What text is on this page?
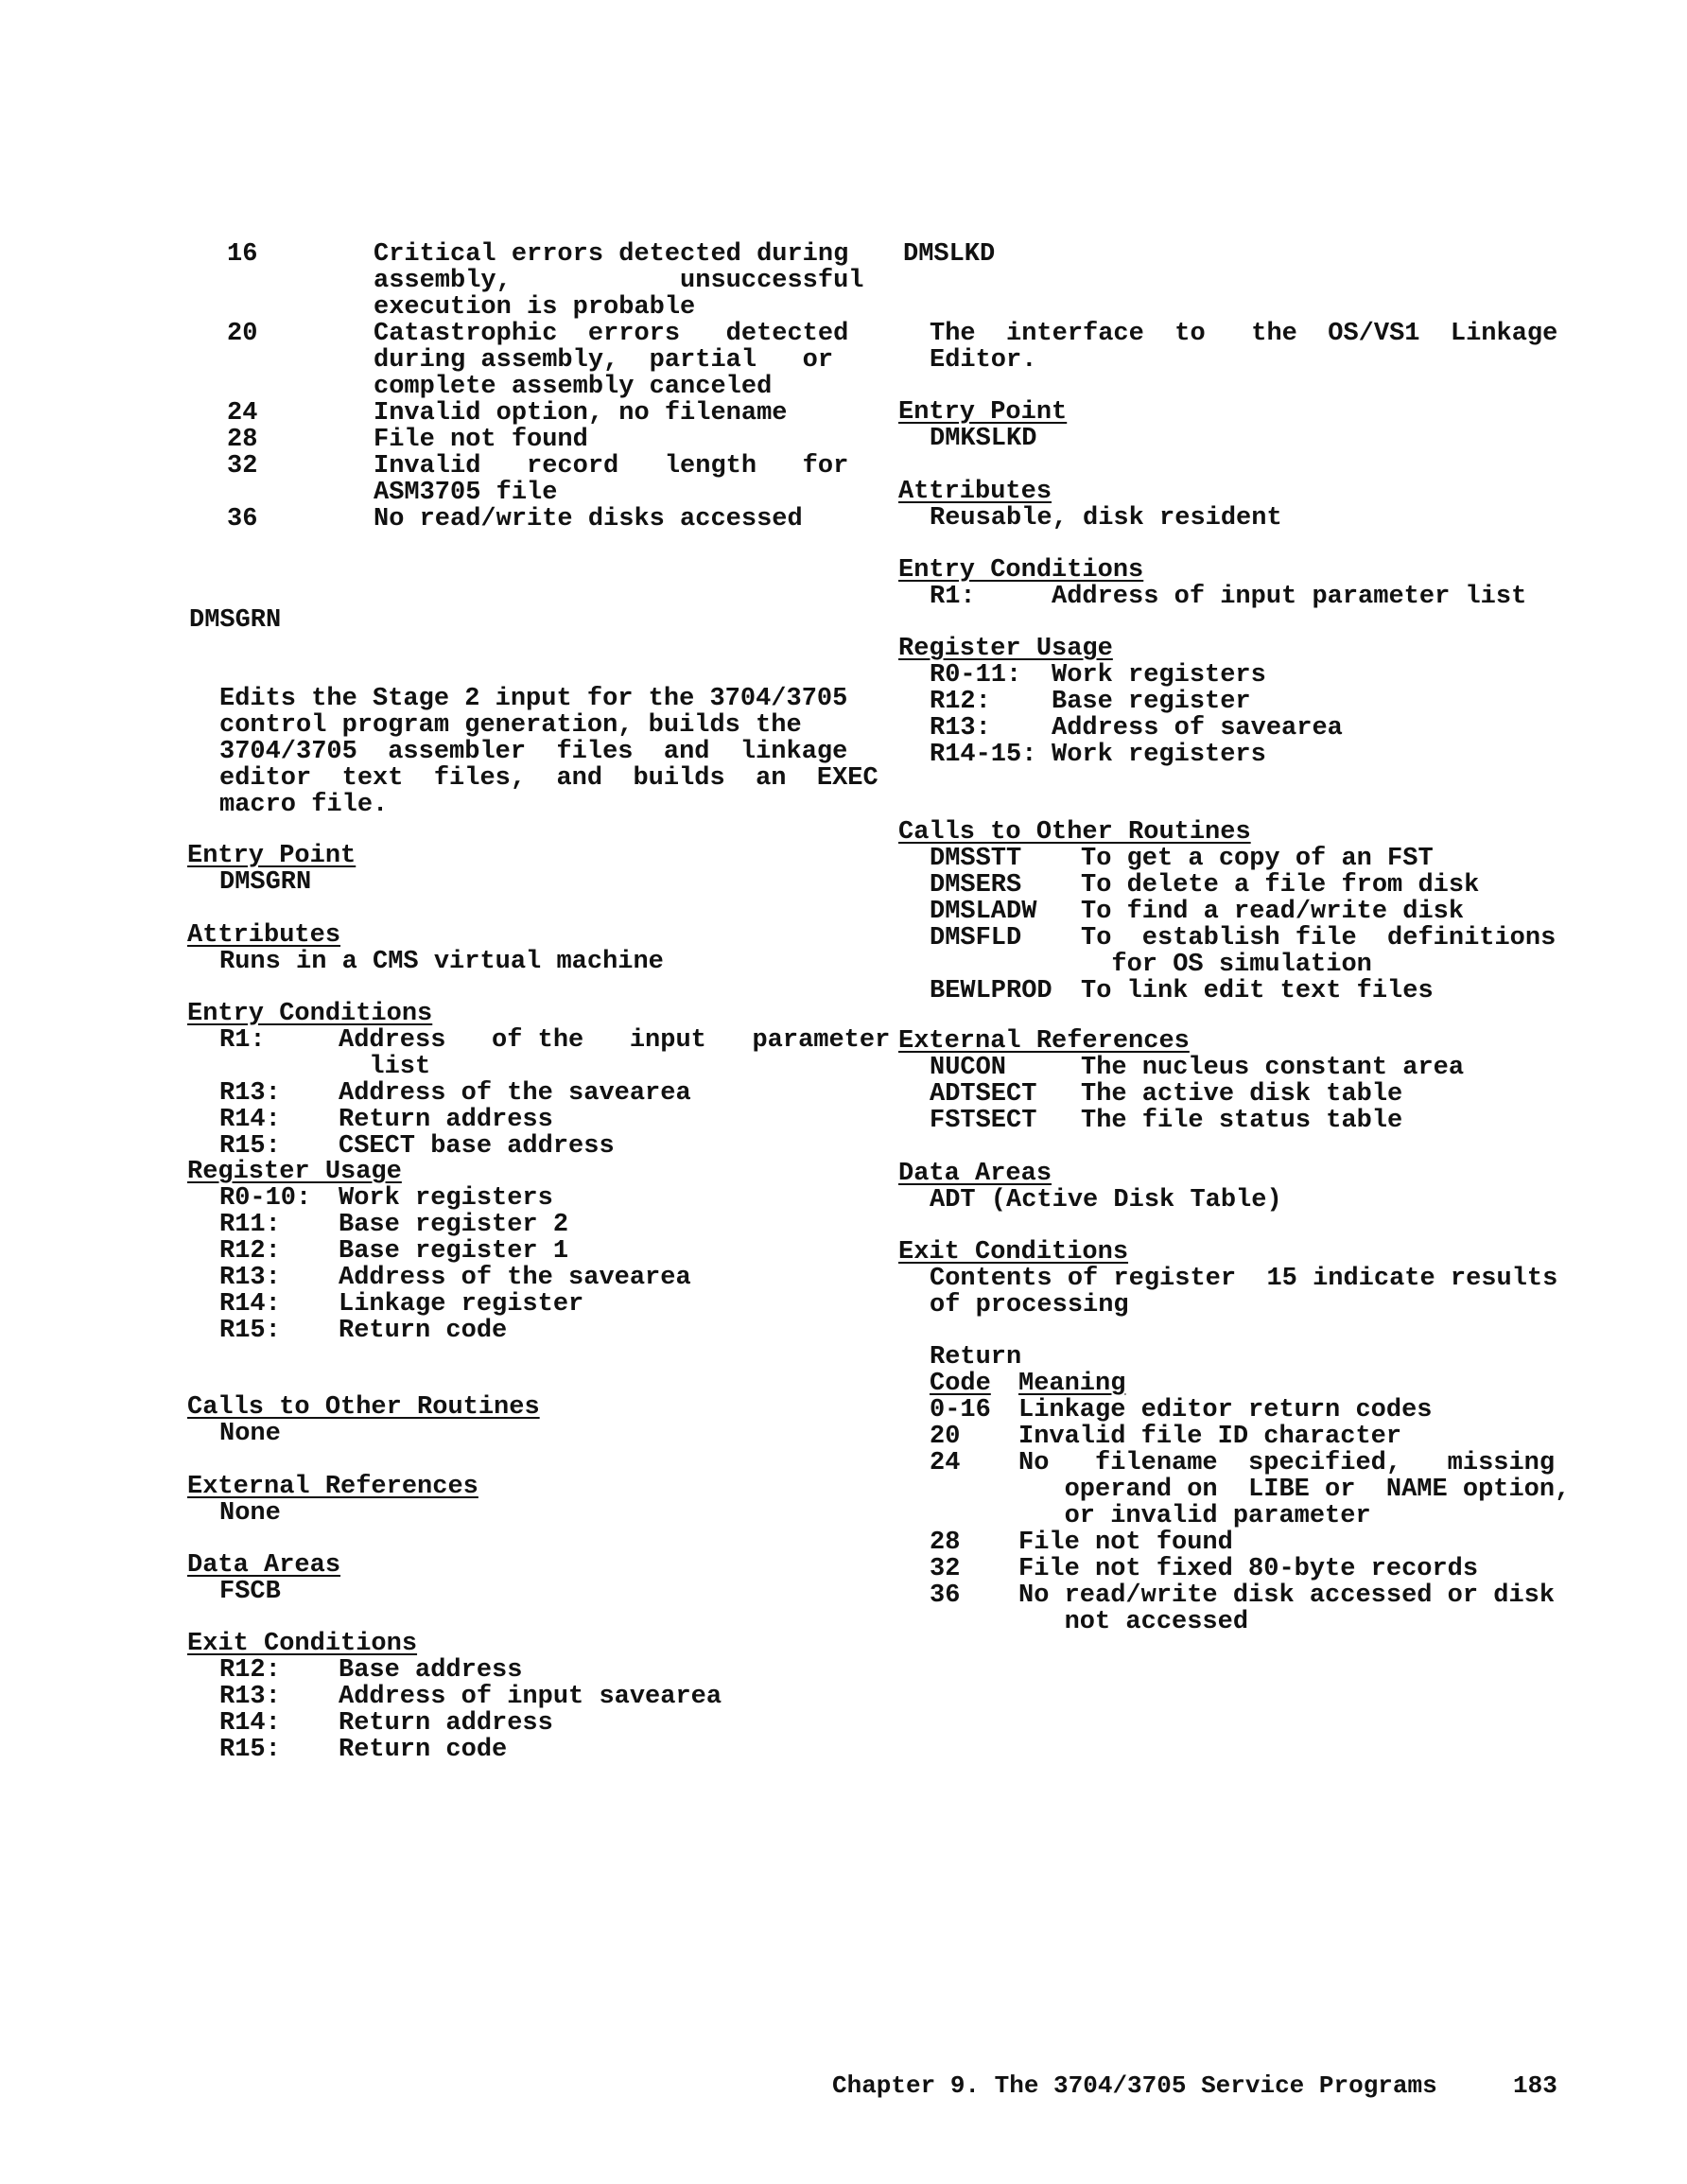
16	Critical errors detected during
assembly,           unsuccessful
execution is probable
20	Catastrophic  errors   detected
during assembly,  partial   or
complete assembly canceled
24	Invalid option, no filename
28	File not found
32	Invalid   record   length   for
ASM3705 file
36	No read/write disks accessed
DMSGRN
Edits the Stage 2 input for the 3704/3705
control program generation, builds the
3704/3705  assembler  files  and  linkage
editor  text  files,  and  builds  an  EXEC
macro file.
Entry Point
DMSGRN
Attributes
Runs in a CMS virtual machine
Entry Conditions
R1:	Address   of the   input   parameter
list
R13: Address of the savearea
R14: Return address
R15: CSECT base address
Register Usage
R0-10: Work registers
R11: Base register 2
R12: Base register 1
R13: Address of the savearea
R14: Linkage register
R15: Return code
Calls to Other Routines
None
External References
None
Data Areas
FSCB
Exit Conditions
R12: Base address
R13: Address of input savearea
R14: Return address
R15: Return code
DMSLKD
The  interface  to   the  OS/VS1  Linkage
Editor.
Entry Point
DMKSLKD
Attributes
Reusable, disk resident
Entry Conditions
R1:	Address of input parameter list
Register Usage
R0-11: Work registers
R12: Base register
R13: Address of savearea
R14-15: Work registers
Calls to Other Routines
DMSSTT To get a copy of an FST
DMSERS To delete a file from disk
DMSLADW To find a read/write disk
DMSFLD To  establish file  definitions
for OS simulation
BEWLPROD To link edit text files
External References
NUCON	The nucleus constant area
ADTSECT The active disk table
FSTSECT The file status table
Data Areas
ADT (Active Disk Table)
Exit Conditions
Contents of register  15 indicate results
of processing
Return
Code Meaning
0-16 Linkage editor return codes
20 Invalid file ID character
24 No   filename  specified,   missing
operand on  LIBE or  NAME option,
or invalid parameter
28 File not found
32 File not fixed 80-byte records
36 No read/write disk accessed or disk
not accessed
Chapter 9. The 3704/3705 Service Programs	183
